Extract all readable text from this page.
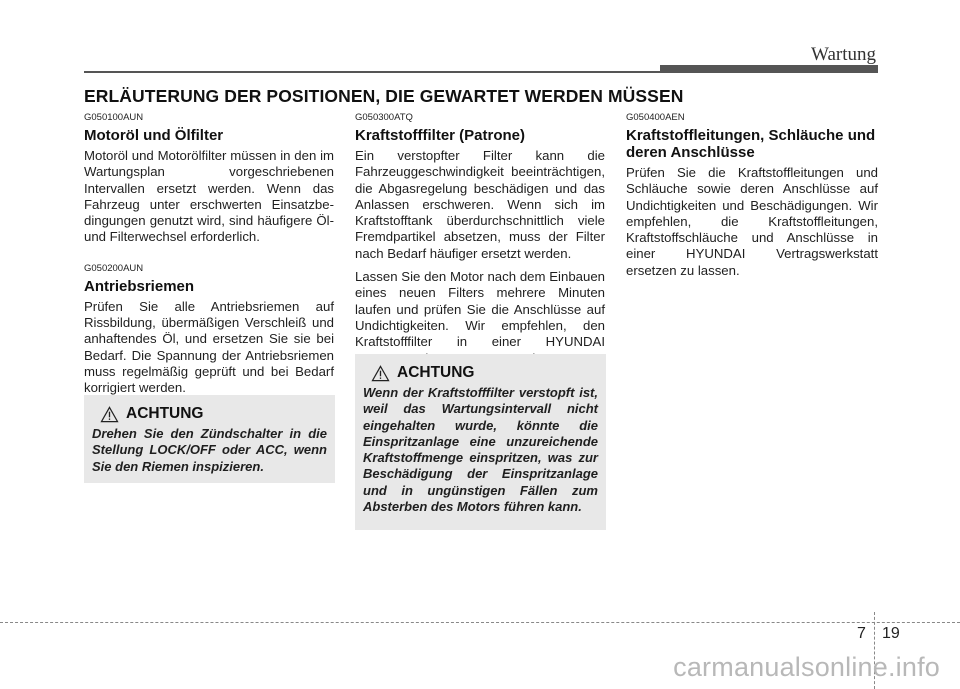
Wartung
ERLÄUTERUNG DER POSITIONEN, DIE GEWARTET WERDEN MÜSSEN
G050100AUN
Motoröl und Ölfilter
Motoröl und Motorölfilter müssen in den im Wartungsplan vorgeschriebenen Intervallen ersetzt werden. Wenn das Fahrzeug unter erschwerten Einsatzbe-dingungen genutzt wird, sind häufigere Öl- und Filterwechsel erforderlich.
G050200AUN
Antriebsriemen
Prüfen Sie alle Antriebsriemen auf Rissbildung, übermäßigen Verschleiß und anhaftendes Öl, und ersetzen Sie sie bei Bedarf. Die Spannung der Antriebsriemen muss regelmäßig geprüft und bei Bedarf korrigiert werden.
ACHTUNG
Drehen Sie den Zündschalter in die Stellung LOCK/OFF oder ACC, wenn Sie den Riemen inspizieren.
G050300ATQ
Kraftstofffilter (Patrone)
Ein verstopfter Filter kann die Fahrzeuggeschwindigkeit beeinträchtigen, die Abgasregelung beschädigen und das Anlassen erschweren. Wenn sich im Kraftstofftank überdurchschnittlich viele Fremdpartikel absetzen, muss der Filter nach Bedarf häufiger ersetzt werden.
Lassen Sie den Motor nach dem Einbauen eines neuen Filters mehrere Minuten laufen und prüfen Sie die Anschlüsse auf Undichtigkeiten. Wir empfehlen, den Kraftstofffilter in einer HYUNDAI
ACHTUNG
Wenn der Kraftstofffilter verstopft ist, weil das Wartungsintervall nicht eingehalten wurde, könnte die Einspritzanlage eine unzureichende Kraftstoffmenge einspritzen, was zur Beschädigung der Einspritzanlage und in ungünstigen Fällen zum Absterben des Motors führen kann.
G050400AEN
Kraftstoffleitungen, Schläuche und deren Anschlüsse
Prüfen Sie die Kraftstoffleitungen und Schläuche sowie deren Anschlüsse auf Undichtigkeiten und Beschädigungen. Wir empfehlen, die Kraftstoffleitungen, Kraftstoffschläuche und Anschlüsse in einer HYUNDAI Vertragswerkstatt ersetzen zu lassen.
7 19
carmanualsonline.info
